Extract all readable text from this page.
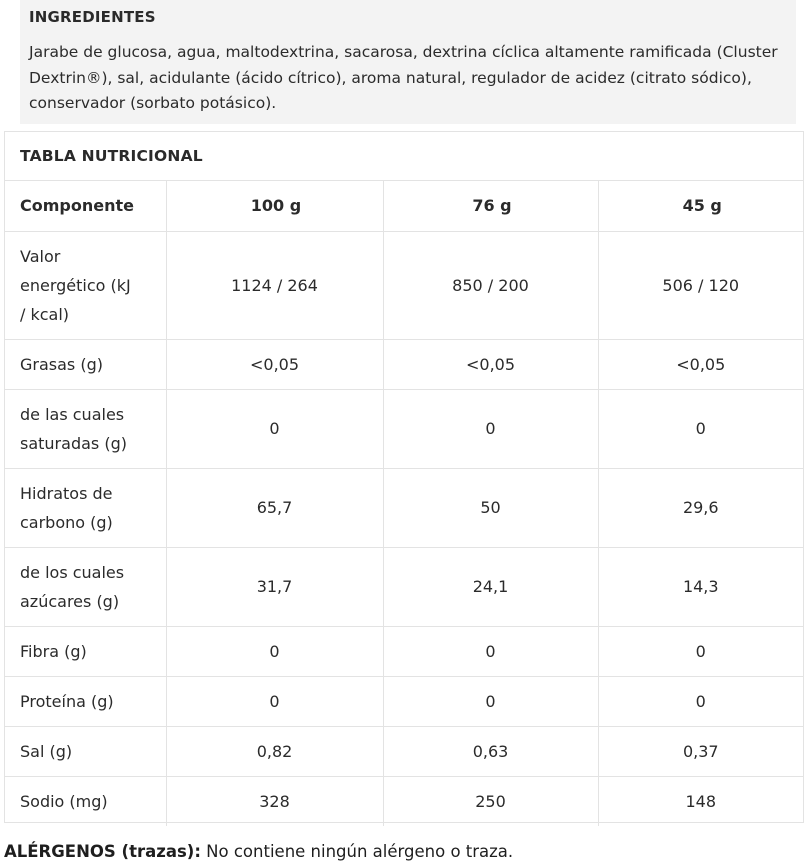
INGREDIENTES
Jarabe de glucosa, agua, maltodextrina, sacarosa, dextrina cíclica altamente ramificada (Cluster
Dextrin®), sal, acidulante (ácido cítrico), aroma natural, regulador de acidez (citrato sódico),
conservador (sorbato potásico).
TABLA NUTRICIONAL
Componente	100 g	76 g	45 g

Valor
energético (kJ
/ kcal)	1124 / 264	850 / 200	506 / 120

Grasas (g)	<0,05	<0,05	<0,05

de las cuales
saturadas (g)	0	0	0

Hidratos de
carbono (g)	65,7	50	29,6

de los cuales
azúcares (g)	31,7	24,1	14,3

Fibra (g)	0	0	0

Proteína (g)	0	0	0

Sal (g)	0,82	0,63	0,37

Sodio (mg)	328	250	148
ALÉRGENOS (trazas): No contiene ningún alérgeno o traza.
